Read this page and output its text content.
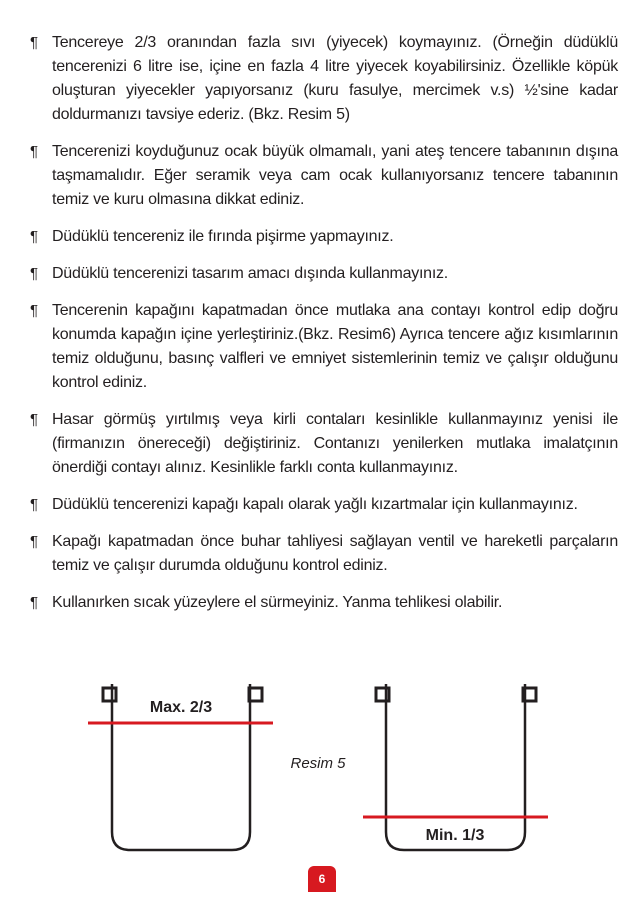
¶ Tencereye 2/3 oranından fazla sıvı (yiyecek) koymayınız. (Örneğin düdüklü tencerenizi 6 litre ise, içine en fazla 4 litre yiyecek koyabilirsiniz. Özellikle köpük oluşturan yiyecekler yapıyorsanız (kuru fasulye, mercimek v.s) ½'sine kadar doldurmanızı tavsiye ederiz. (Bkz. Resim 5)
¶ Tencerenizi koyduğunuz ocak büyük olmamalı, yani ateş tencere tabanının dışına taşmamalıdır. Eğer seramik veya cam ocak kullanıyorsanız tencere tabanının temiz ve kuru olmasına dikkat ediniz.
¶ Düdüklü tencereniz ile fırında pişirme yapmayınız.
¶ Düdüklü tencerenizi tasarım amacı dışında kullanmayınız.
¶ Tencerenin kapağını kapatmadan önce mutlaka ana contayı kontrol edip doğru konumda kapağın içine yerleştiriniz.(Bkz. Resim6) Ayrıca tencere ağız kısımlarının temiz olduğunu, basınç valfleri ve emniyet sistemlerinin temiz ve çalışır olduğunu kontrol ediniz.
¶ Hasar görmüş yırtılmış veya kirli contaları kesinlikle kullanmayınız yenisi ile (firmanızın önereceği) değiştiriniz. Contanızı yenilerken mutlaka imalatçının önerdiği contayı alınız. Kesinlikle farklı conta kullanmayınız.
¶ Düdüklü tencerenizi kapağı kapalı olarak yağlı kızartmalar için kullanmayınız.
¶ Kapağı kapatmadan önce buhar tahliyesi sağlayan ventil ve hareketli parçaların temiz ve çalışır durumda olduğunu kontrol ediniz.
¶ Kullanırken sıcak yüzeylere el sürmeyiniz. Yanma tehlikesi olabilir.
Max. 2/3
Resim 5
Min. 1/3
6
